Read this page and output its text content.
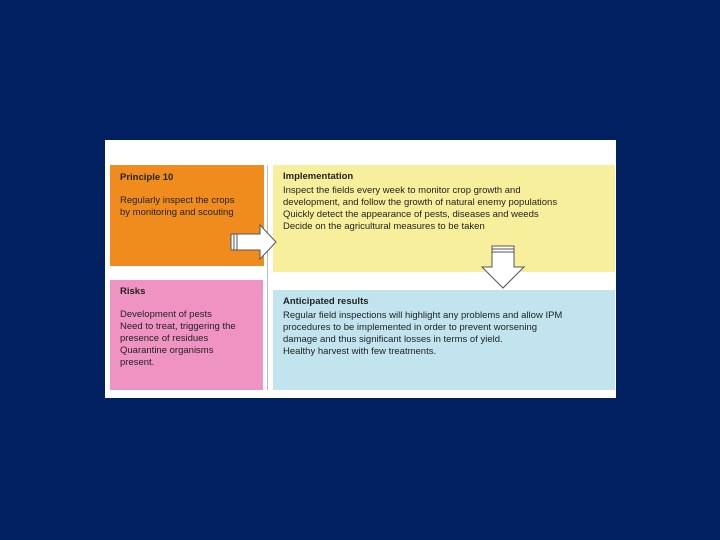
Principle 10
Regularly inspect the crops
by monitoring and scouting
Implementation
Inspect the fields every week to monitor crop growth and
development, and follow the growth of natural enemy populations
Quickly detect the appearance of pests, diseases and weeds
Decide on the agricultural measures to be taken
Risks
Development of pests
Need to treat, triggering the
presence of residues
Quarantine organisms
present.
Anticipated results
Regular field inspections will highlight any problems and allow IPM
procedures to be implemented in order to prevent worsening
damage and thus significant losses in terms of yield.
Healthy harvest with few treatments.
